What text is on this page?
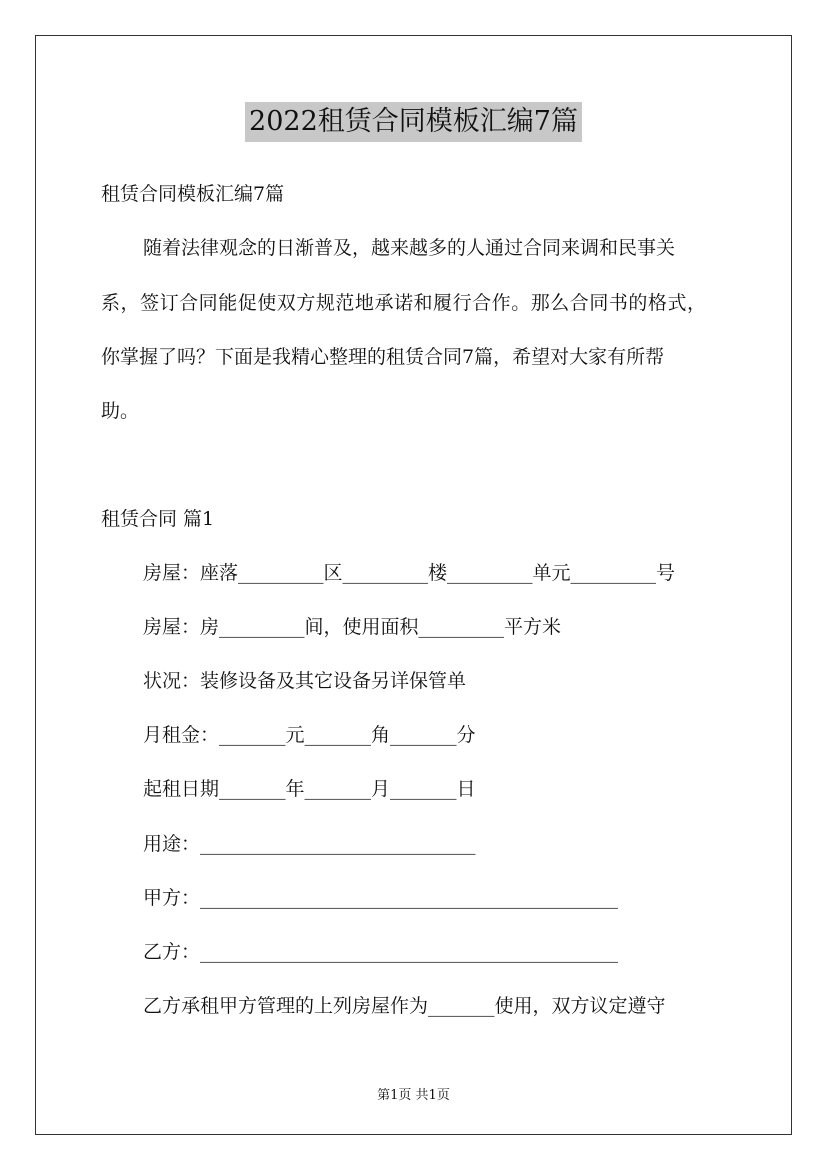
2022租赁合同模板汇编7篇
租赁合同模板汇编7篇
随着法律观念的日渐普及，越来越多的人通过合同来调和民事关
系，签订合同能促使双方规范地承诺和履行合作。那么合同书的格式，
你掌握了吗？下面是我精心整理的租赁合同7篇，希望对大家有所帮
助。
租赁合同 篇1
房屋：座落_________区_________楼_________单元_________号
房屋：房_________间，使用面积_________平方米
状况：装修设备及其它设备另详保管单
月租金：_______元_______角_______分
起租日期_______年_______月_______日
用途：_____________________________
甲方：____________________________________________
乙方：____________________________________________
乙方承租甲方管理的上列房屋作为_______使用，双方议定遵守
第1页 共1页
